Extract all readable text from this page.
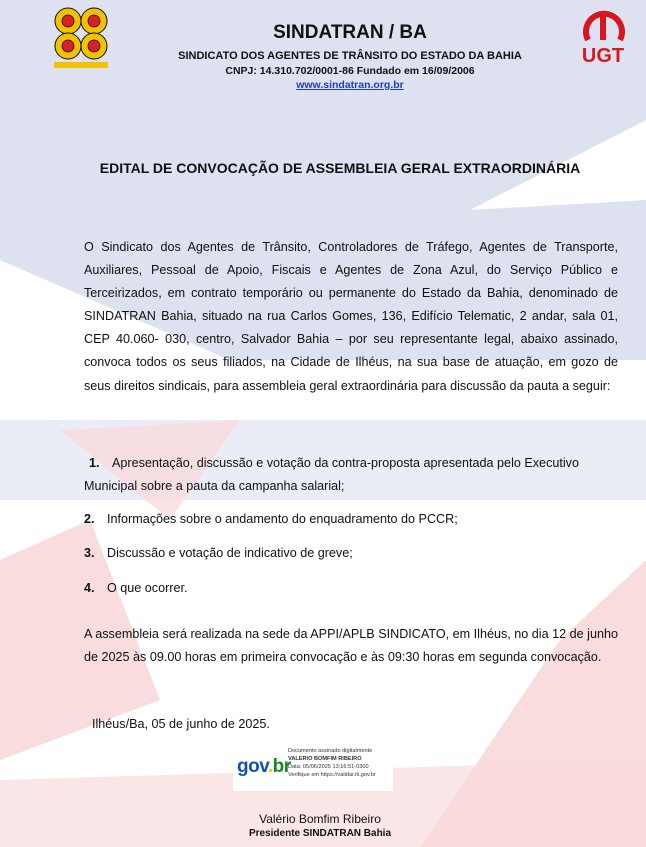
UGT
SINDATRAN / BA
SINDICATO DOS AGENTES DE TRÂNSITO DO ESTADO DA BAHIA
CNPJ: 14.310.702/0001-86 Fundado em 16/09/2006
www.sindatran.org.br
EDITAL DE CONVOCAÇÃO DE ASSEMBLEIA GERAL EXTRAORDINÁRIA
O Sindicato dos Agentes de Trânsito, Controladores de Tráfego, Agentes de Transporte, Auxiliares, Pessoal de Apoio, Fiscais e Agentes de Zona Azul, do Serviço Público e Terceirizados, em contrato temporário ou permanente do Estado da Bahia, denominado de SINDATRAN Bahia, situado na rua Carlos Gomes, 136, Edifício Telematic, 2 andar, sala 01, CEP 40.060- 030, centro, Salvador Bahia – por seu representante legal, abaixo assinado, convoca todos os seus filiados, na Cidade de Ilhéus, na sua base de atuação, em gozo de seus direitos sindicais, para assembleia geral extraordinária para discussão da pauta a seguir:
1. Apresentação, discussão e votação da contra-proposta apresentada pelo Executivo Municipal sobre a pauta da campanha salarial;
2. Informações sobre o andamento do enquadramento do PCCR;
3. Discussão e votação de indicativo de greve;
4. O que ocorrer.
A assembleia será realizada na sede da APPI/APLB SINDICATO, em Ilhéus, no dia 12 de junho de 2025 às 09.00 horas em primeira convocação e às 09:30 horas em segunda convocação.
Ilhéus/Ba, 05 de junho de 2025.
gov.br
Documento assinado digitalmente
VALERIO BOMFIM RIBEIRO
Data: 05/06/2025 13:16:51-0300
Verifique em https://validar.iti.gov.br
Valério Bomfim Ribeiro
Presidente SINDATRAN Bahia
